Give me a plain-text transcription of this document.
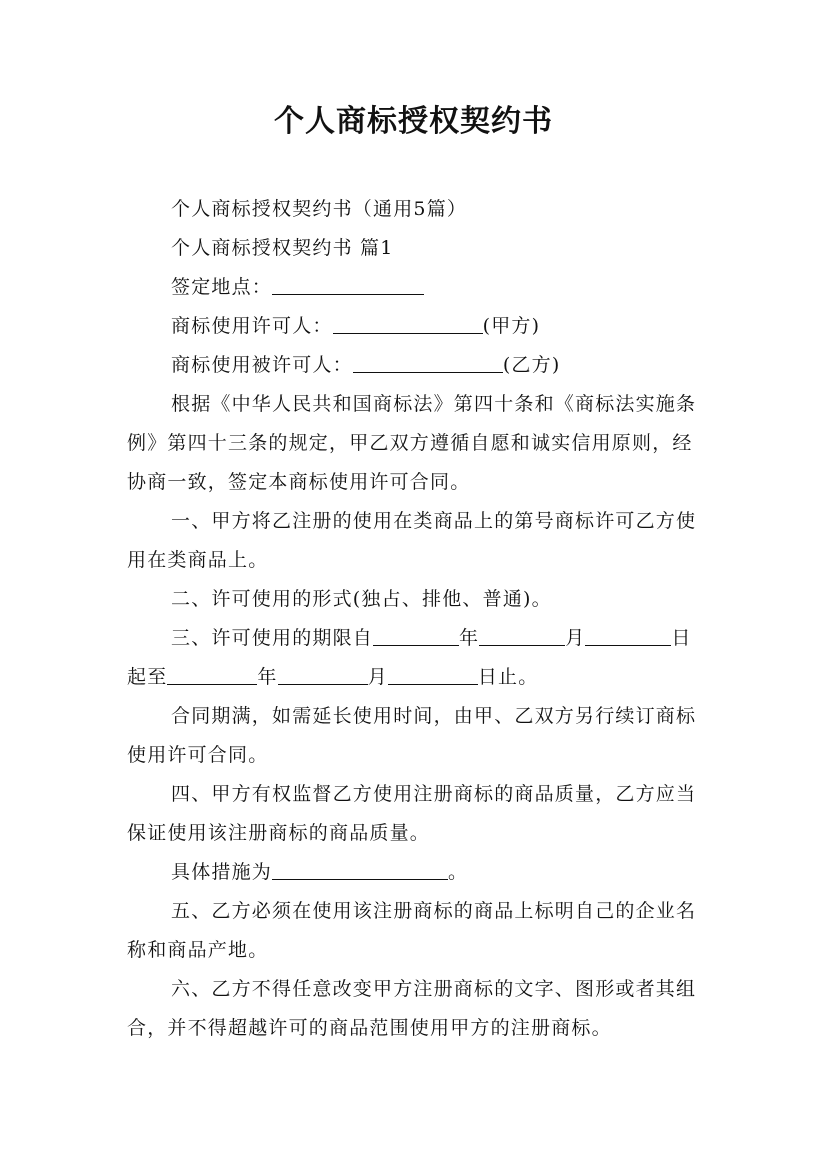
个人商标授权契约书

个人商标授权契约书（通用5篇）

个人商标授权契约书 篇1

签定地点：

商标使用许可人：	(甲方)

商标使用被许可人：	(乙方)

根据《中华人民共和国商标法》第四十条和《商标法实施条例》第四十三条的规定，甲乙双方遵循自愿和诚实信用原则，经协商一致，签定本商标使用许可合同。

一、甲方将乙注册的使用在类商品上的第号商标许可乙方使用在类商品上。

二、许可使用的形式(独占、排他、普通)。

三、许可使用的期限自	年	月	日起至	年	月	日止。

合同期满，如需延长使用时间，由甲、乙双方另行续订商标使用许可合同。

四、甲方有权监督乙方使用注册商标的商品质量，乙方应当保证使用该注册商标的商品质量。

具体措施为	。

五、乙方必须在使用该注册商标的商品上标明自己的企业名称和商品产地。

六、乙方不得任意改变甲方注册商标的文字、图形或者其组合，并不得超越许可的商品范围使用甲方的注册商标。
